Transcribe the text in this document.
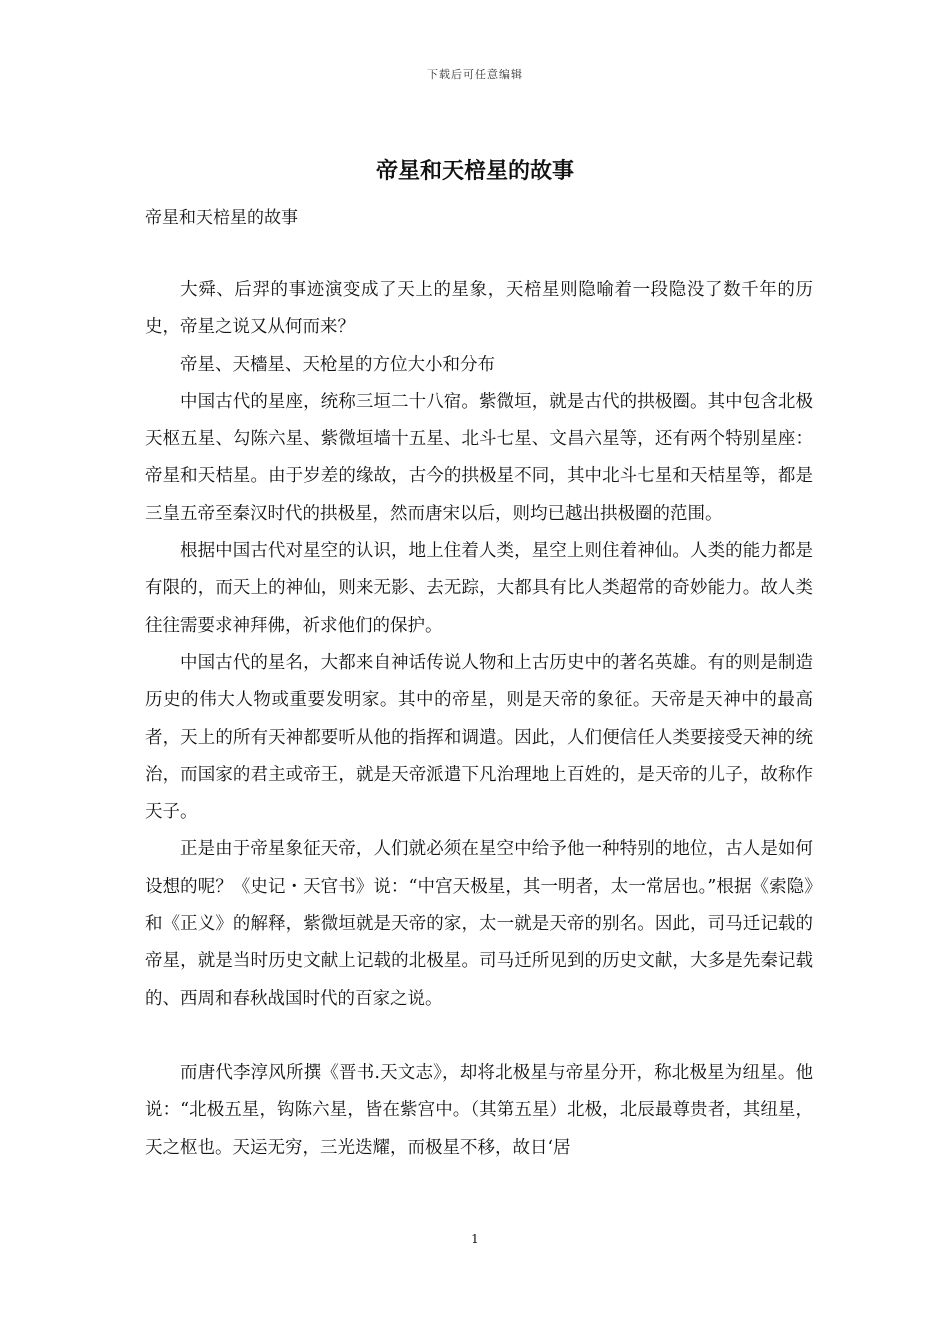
下载后可任意编辑
帝星和天棓星的故事
帝星和天棓星的故事

大舜、后羿的事迹演变成了天上的星象，天棓星则隐喻着一段隐没了数千年的历史，帝星之说又从何而来？

帝星、天檣星、天枪星的方位大小和分布

中国古代的星座，统称三垣二十八宿。紫微垣，就是古代的拱极圈。其中包含北极天枢五星、勾陈六星、紫微垣墙十五星、北斗七星、文昌六星等，还有两个特别星座：帝星和天桔星。由于岁差的缘故，古今的拱极星不同，其中北斗七星和天桔星等，都是三皇五帝至秦汉时代的拱极星，然而唐宋以后，则均已越出拱极圈的范围。

根据中国古代对星空的认识，地上住着人类，星空上则住着神仙。人类的能力都是有限的，而天上的神仙，则来无影、去无踪，大都具有比人类超常的奇妙能力。故人类往往需要求神拜佛，祈求他们的保护。

中国古代的星名，大都来自神话传说人物和上古历史中的著名英雄。有的则是制造历史的伟大人物或重要发明家。其中的帝星，则是天帝的象征。天帝是天神中的最高者，天上的所有天神都要听从他的指挥和调遣。因此，人们便信任人类要接受天神的统治，而国家的君主或帝王，就是天帝派遣下凡治理地上百姓的，是天帝的儿子，故称作天子。

正是由于帝星象征天帝，人们就必须在星空中给予他一种特别的地位，古人是如何设想的呢？《史记・天官书》说：“中宫天极星，其一明者，太一常居也。”根据《索隐》和《正义》的解释，紫微垣就是天帝的家，太一就是天帝的别名。因此，司马迁记载的帝星，就是当时历史文献上记载的北极星。司马迁所见到的历史文献，大多是先秦记载的、西周和春秋战国时代的百家之说。

而唐代李淳风所撰《晋书.天文志》，却将北极星与帝星分开，称北极星为纽星。他说：“北极五星，钩陈六星，皆在紫宫中。（其第五星）北极，北辰最尊贵者，其纽星，天之枢也。天运无穷，三光迭耀，而极星不移，故日‘居

1
